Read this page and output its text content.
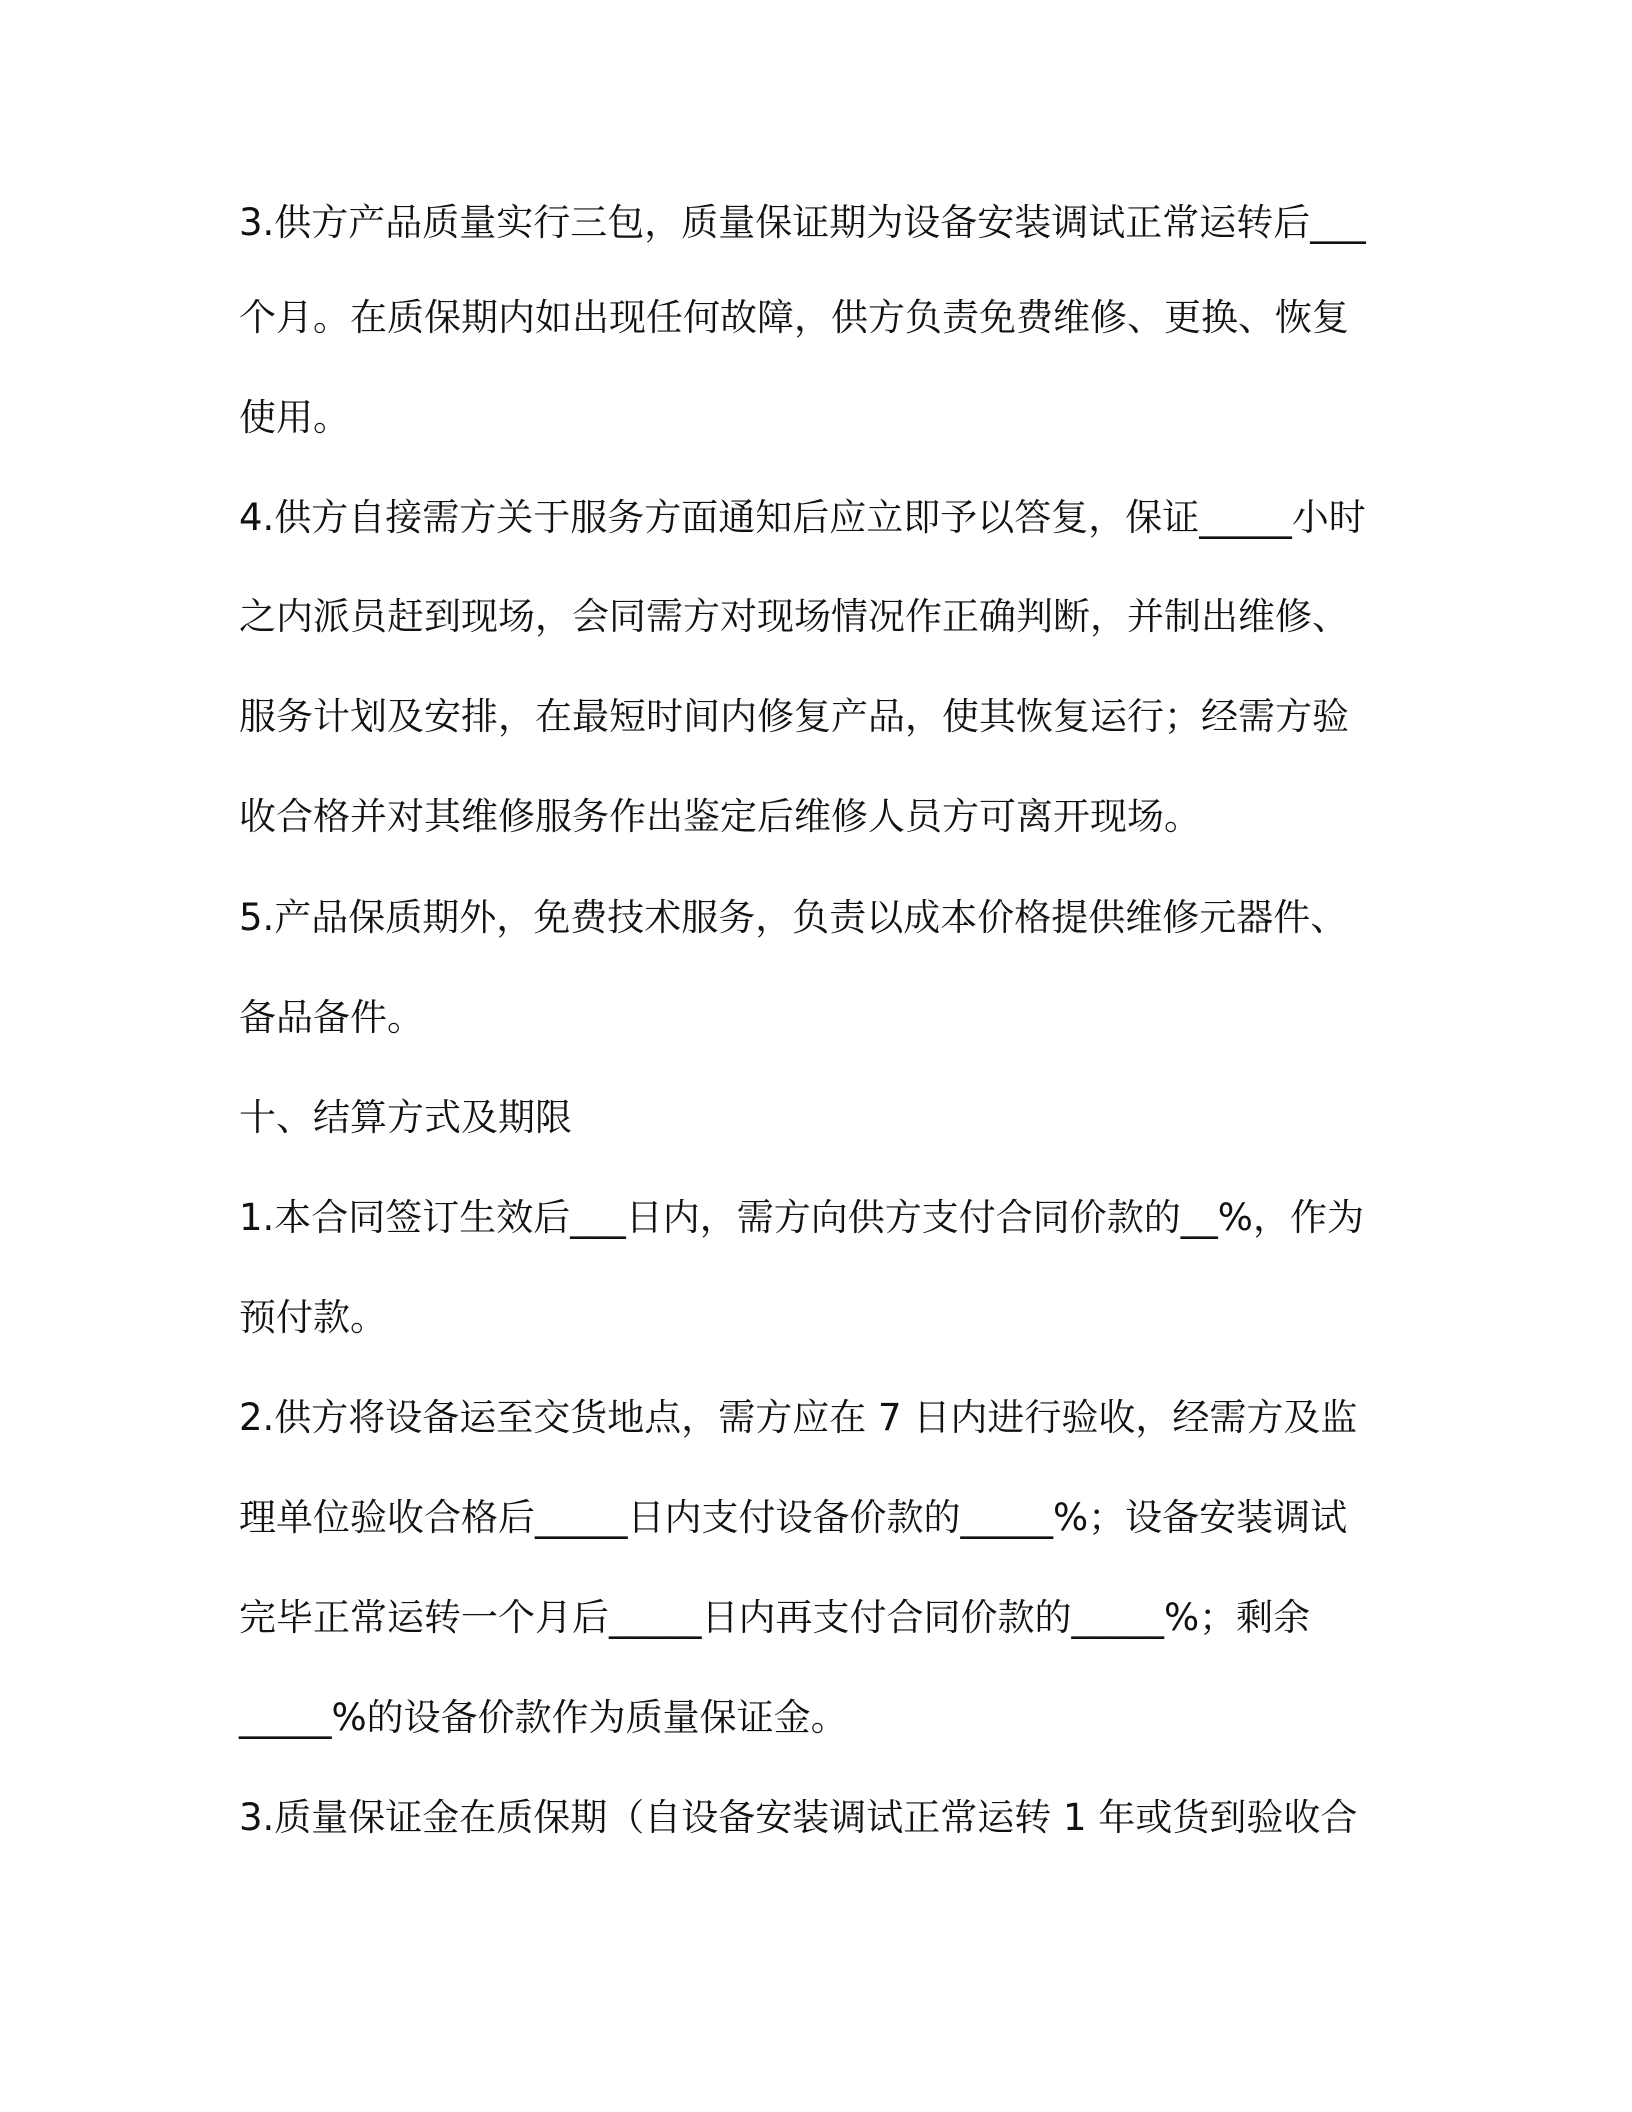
3.供方产品质量实行三包，质量保证期为设备安装调试正常运转后___
个月。在质保期内如出现任何故障，供方负责免费维修、更换、恢复
使用。
4.供方自接需方关于服务方面通知后应立即予以答复，保证_____小时
之内派员赶到现场，会同需方对现场情况作正确判断，并制出维修、
服务计划及安排，在最短时间内修复产品，使其恢复运行；经需方验
收合格并对其维修服务作出鉴定后维修人员方可离开现场。
5.产品保质期外，免费技术服务，负责以成本价格提供维修元器件、
备品备件。
十、结算方式及期限
1.本合同签订生效后___日内，需方向供方支付合同价款的__%，作为
预付款。
2.供方将设备运至交货地点，需方应在 7 日内进行验收，经需方及监
理单位验收合格后_____日内支付设备价款的_____%；设备安装调试
完毕正常运转一个月后_____日内再支付合同价款的_____%；剩余
_____%的设备价款作为质量保证金。
3.质量保证金在质保期（自设备安装调试正常运转 1 年或货到验收合
